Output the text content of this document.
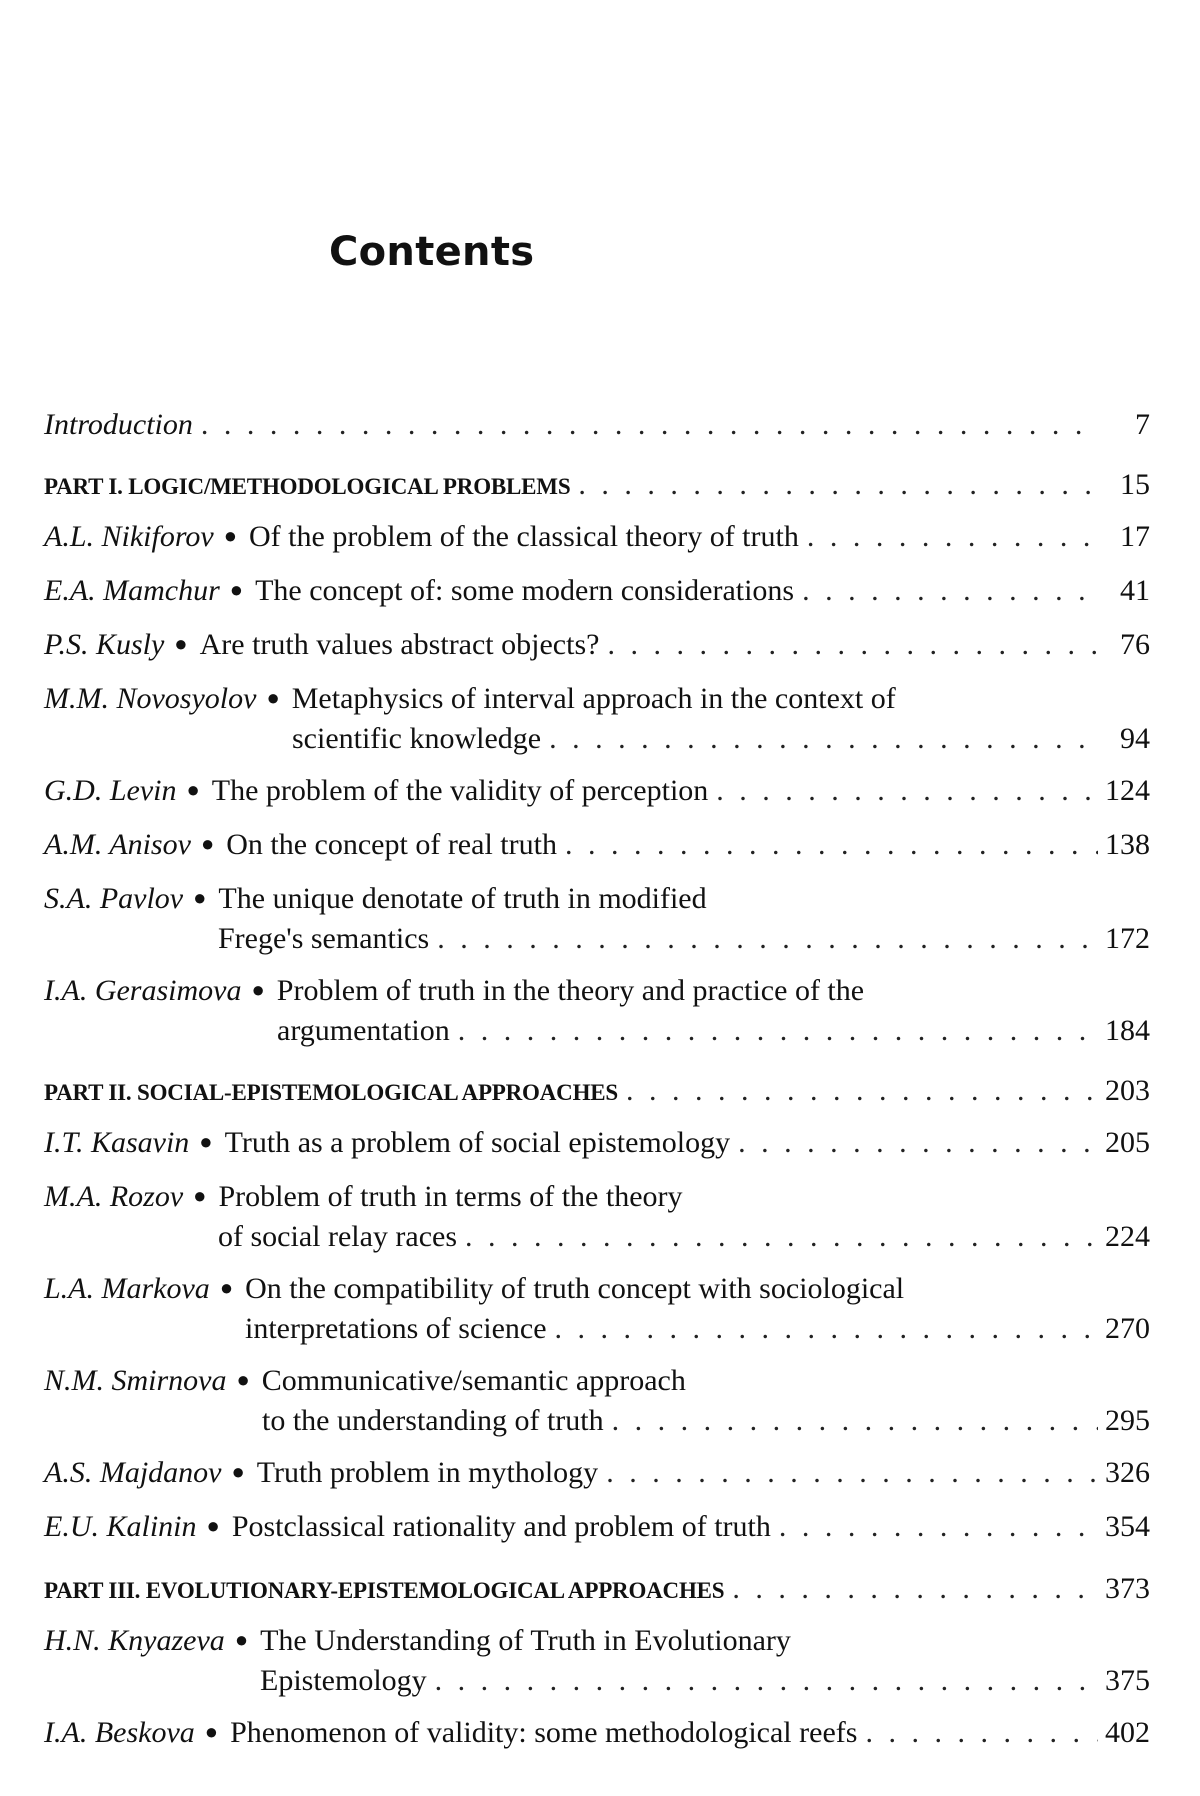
Contents
Introduction . . .	7
PART I. LOGIC/METHODOLOGICAL PROBLEMS . . .	15
A.L. Nikiforov ● Of the problem of the classical theory of truth . . .	17
E.A. Mamchur ● The concept of: some modern considerations . . .	41
P.S. Kusly ● Are truth values abstract objects? . . .	76
M.M. Novosyolov ● Metaphysics of interval approach in the context of
scientific knowledge . . .	94
G.D. Levin ● The problem of the validity of perception . . .	124
A.M. Anisov ● On the concept of real truth . . .	138
S.A. Pavlov ● The unique denotate of truth in modified
Frege's semantics . . .	172
I.A. Gerasimova ● Problem of truth in the theory and practice of the
argumentation . . .	184
PART II. SOCIAL-EPISTEMOLOGICAL APPROACHES . . .	203
I.T. Kasavin ● Truth as a problem of social epistemology . . .	205
M.A. Rozov ● Problem of truth in terms of the theory
of social relay races . . .	224
L.A. Markova ● On the compatibility of truth concept with sociological
interpretations of science . . .	270
N.M. Smirnova ● Communicative/semantic approach
to the understanding of truth . . .	295
A.S. Majdanov ● Truth problem in mythology . . .	326
E.U. Kalinin ● Postclassical rationality and problem of truth . . .	354
PART III. EVOLUTIONARY-EPISTEMOLOGICAL APPROACHES . . .	373
H.N. Knyazeva ● The Understanding of Truth in Evolutionary
Epistemology . . .	375
I.A. Beskova ● Phenomenon of validity: some methodological reefs . . .	402
